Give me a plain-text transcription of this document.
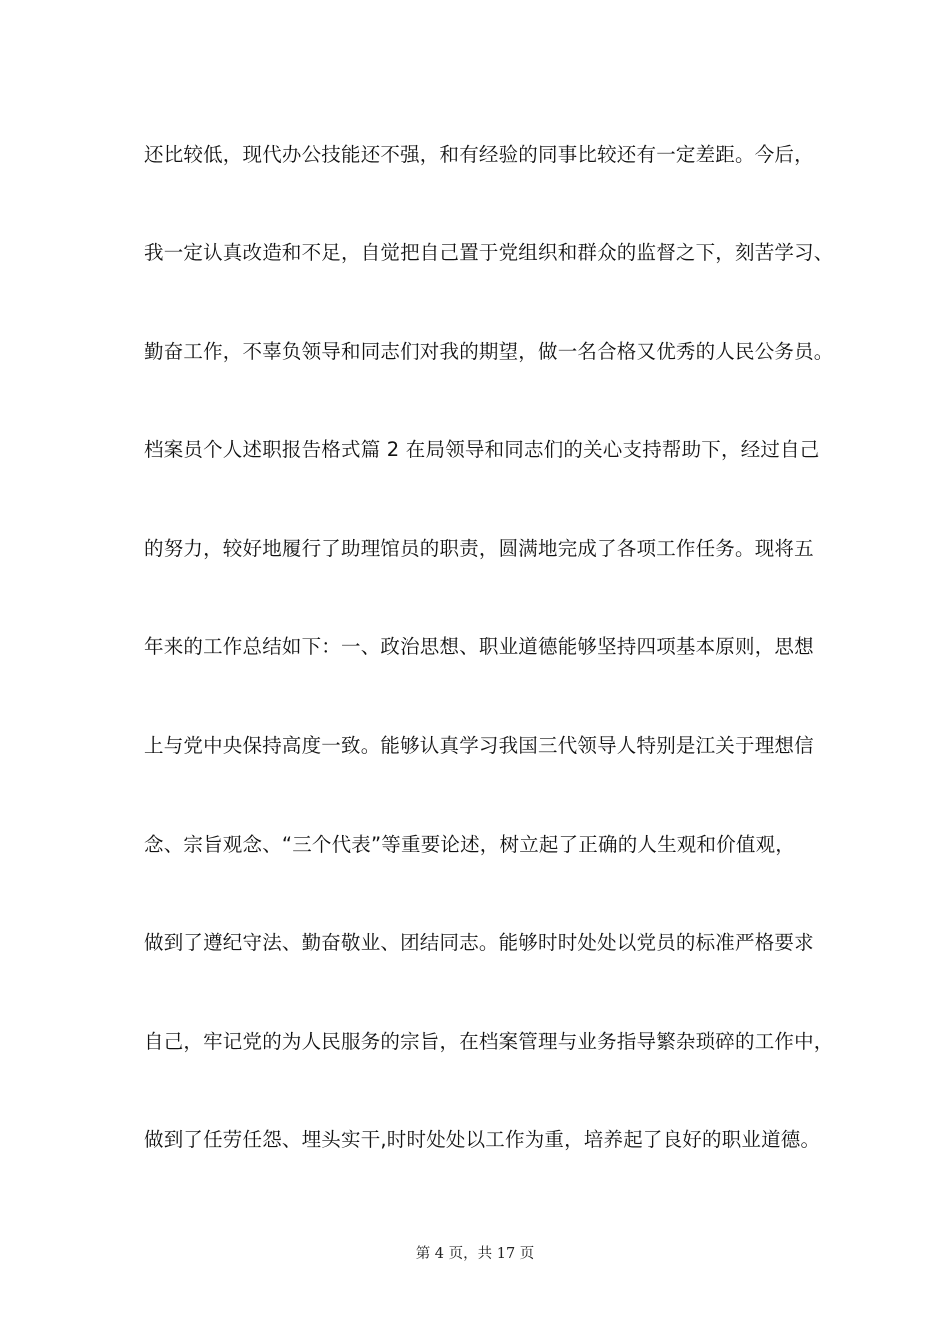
还比较低，现代办公技能还不强，和有经验的同事比较还有一定差距。今后，
我一定认真改造和不足，自觉把自己置于党组织和群众的监督之下，刻苦学习、
勤奋工作，不辜负领导和同志们对我的期望，做一名合格又优秀的人民公务员。
档案员个人述职报告格式篇 2 在局领导和同志们的关心支持帮助下，经过自己
的努力，较好地履行了助理馆员的职责，圆满地完成了各项工作任务。现将五
年来的工作总结如下：一、政治思想、职业道德能够坚持四项基本原则，思想
上与党中央保持高度一致。能够认真学习我国三代领导人特别是江关于理想信
念、宗旨观念、“三个代表”等重要论述，树立起了正确的人生观和价值观，
做到了遵纪守法、勤奋敬业、团结同志。能够时时处处以党员的标准严格要求
自己，牢记党的为人民服务的宗旨，在档案管理与业务指导繁杂琐碎的工作中，
做到了任劳任怨、埋头实干,时时处处以工作为重，培养起了良好的职业道德。
第 4 页，共 17 页
